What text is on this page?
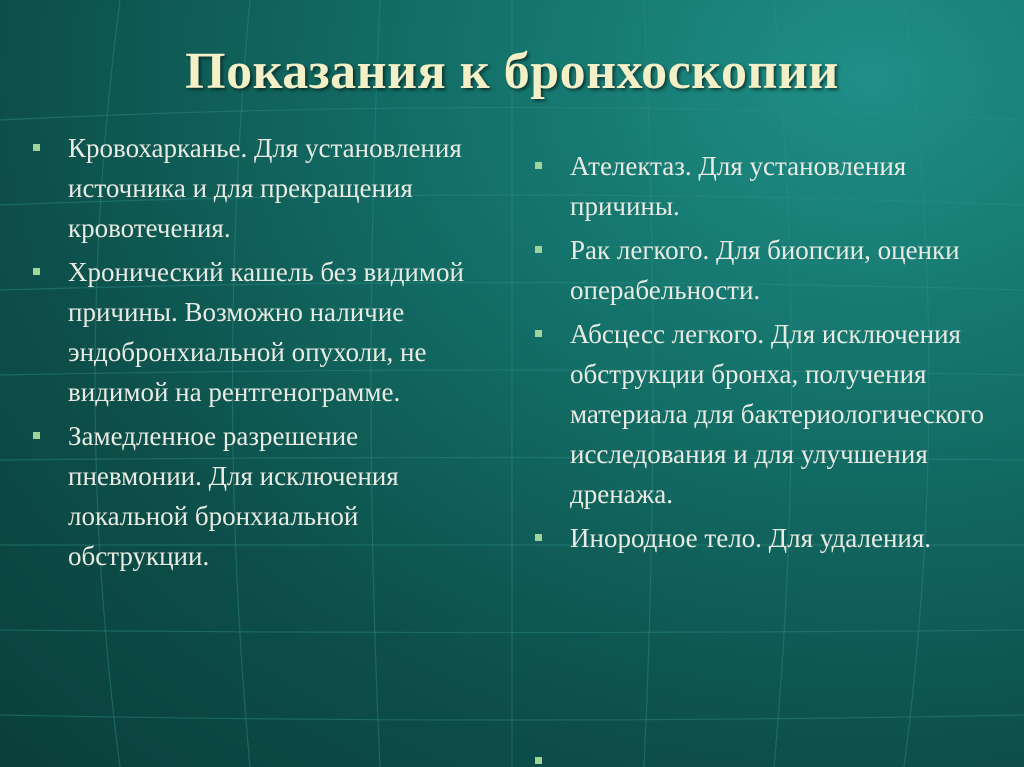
Показания к бронхоскопии
Кровохарканье. Для установления источника и для прекращения кровотечения.
Хронический кашель без видимой причины. Возможно наличие эндобронхиальной опухоли, не видимой на рентгенограмме.
Замедленное разрешение пневмонии. Для исключения локальной бронхиальной обструкции.
Ателектаз. Для установления причины.
Рак легкого. Для биопсии, оценки операбельности.
Абсцесс легкого. Для исключения обструкции бронха, получения материала для бактериологического исследования и для улучшения дренажа.
Инородное тело. Для удаления.
